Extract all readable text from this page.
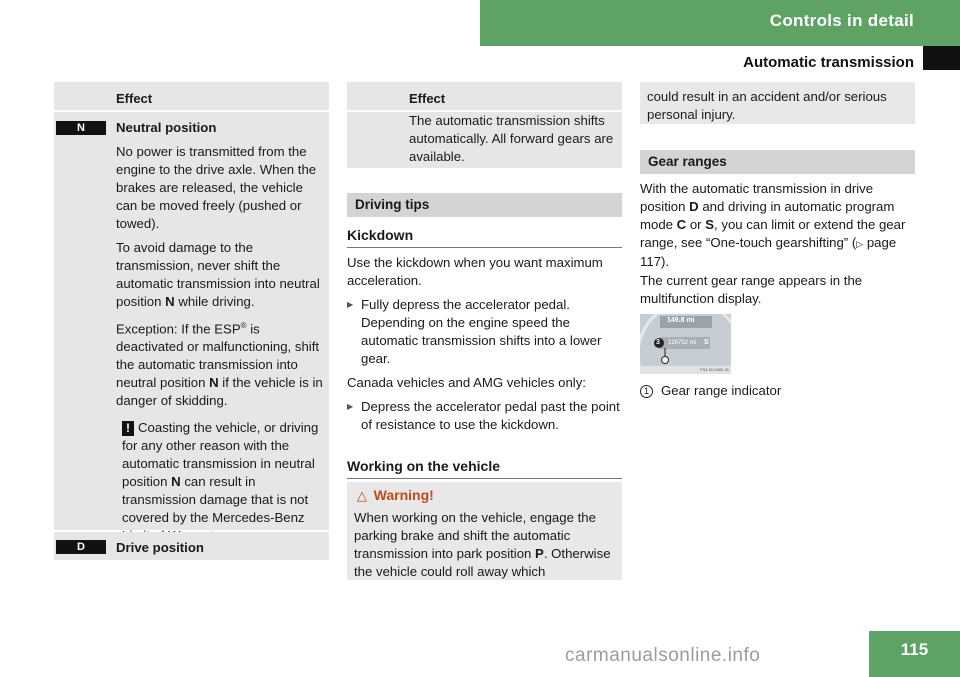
Controls in detail
Automatic transmission
Effect
N	Neutral position

No power is transmitted from the engine to the drive axle. When the brakes are released, the vehicle can be moved freely (pushed or towed).

To avoid damage to the transmission, never shift the automatic transmission into neutral position N while driving.

Exception: If the ESP® is deactivated or malfunctioning, shift the automatic transmission into neutral position N if the vehicle is in danger of skidding.

! Coasting the vehicle, or driving for any other reason with the automatic transmission in neutral position N can result in transmission damage that is not covered by the Mercedes-Benz
D	Drive position
Effect

The automatic transmission shifts automatically. All forward gears are available.

Driving tips
Kickdown
Use the kickdown when you want maximum acceleration.
▶ Fully depress the accelerator pedal. Depending on the engine speed the automatic transmission shifts into a lower gear.
Canada vehicles and AMG vehicles only:
▶ Depress the accelerator pedal past the point of resistance to use the kickdown.
Working on the vehicle
△ Warning!
When working on the vehicle, engage the parking brake and shift the automatic transmission into park position P. Otherwise the vehicle could roll away which
could result in an accident and/or serious personal injury.
Gear ranges
With the automatic transmission in drive position D and driving in automatic program mode C or S, you can limit or extend the gear range, see “One-touch gearshifting” (▷ page 117).
The current gear range appears in the multifunction display.
149.8 mi
126752 mi
3	S
P54.30-0480-31
1 Gear range indicator
carmanualsonline.info	115
